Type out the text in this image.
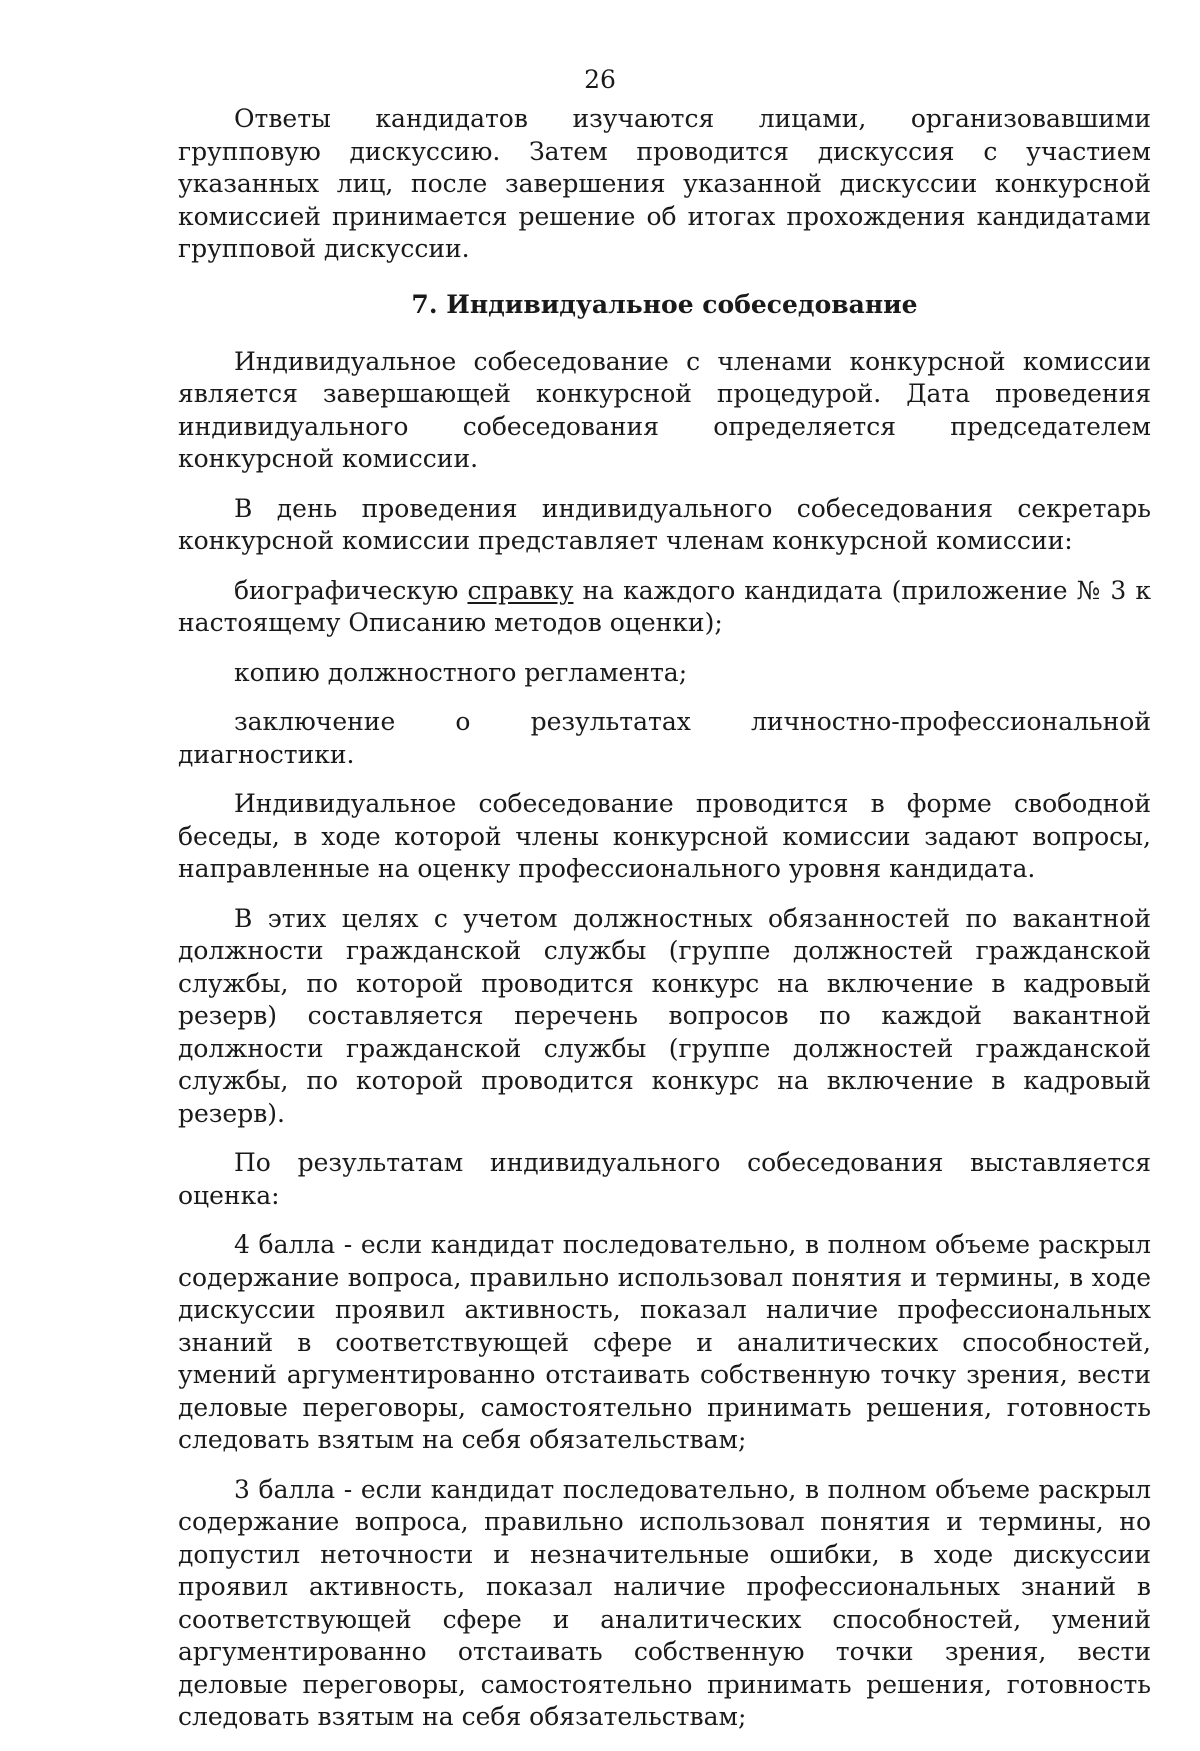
26

Ответы кандидатов изучаются лицами, организовавшими групповую дискуссию. Затем проводится дискуссия с участием указанных лиц, после завершения указанной дискуссии конкурсной комиссией принимается решение об итогах прохождения кандидатами групповой дискуссии.

7. Индивидуальное собеседование

Индивидуальное собеседование с членами конкурсной комиссии является завершающей конкурсной процедурой. Дата проведения индивидуального собеседования определяется председателем конкурсной комиссии.

В день проведения индивидуального собеседования секретарь конкурсной комиссии представляет членам конкурсной комиссии:

биографическую справку на каждого кандидата (приложение № 3 к настоящему Описанию методов оценки);

копию должностного регламента;

заключение о результатах личностно-профессиональной диагностики.

Индивидуальное собеседование проводится в форме свободной беседы, в ходе которой члены конкурсной комиссии задают вопросы, направленные на оценку профессионального уровня кандидата.

В этих целях с учетом должностных обязанностей по вакантной должности гражданской службы (группе должностей гражданской службы, по которой проводится конкурс на включение в кадровый резерв) составляется перечень вопросов по каждой вакантной должности гражданской службы (группе должностей гражданской службы, по которой проводится конкурс на включение в кадровый резерв).

По результатам индивидуального собеседования выставляется оценка:

4 балла - если кандидат последовательно, в полном объеме раскрыл содержание вопроса, правильно использовал понятия и термины, в ходе дискуссии проявил активность, показал наличие профессиональных знаний в соответствующей сфере и аналитических способностей, умений аргументированно отстаивать собственную точку зрения, вести деловые переговоры, самостоятельно принимать решения, готовность следовать взятым на себя обязательствам;

3 балла - если кандидат последовательно, в полном объеме раскрыл содержание вопроса, правильно использовал понятия и термины, но допустил неточности и незначительные ошибки, в ходе дискуссии проявил активность, показал наличие профессиональных знаний в соответствующей сфере и аналитических способностей, умений аргументированно отстаивать собственную точки зрения, вести деловые переговоры, самостоятельно принимать решения, готовность следовать взятым на себя обязательствам;
